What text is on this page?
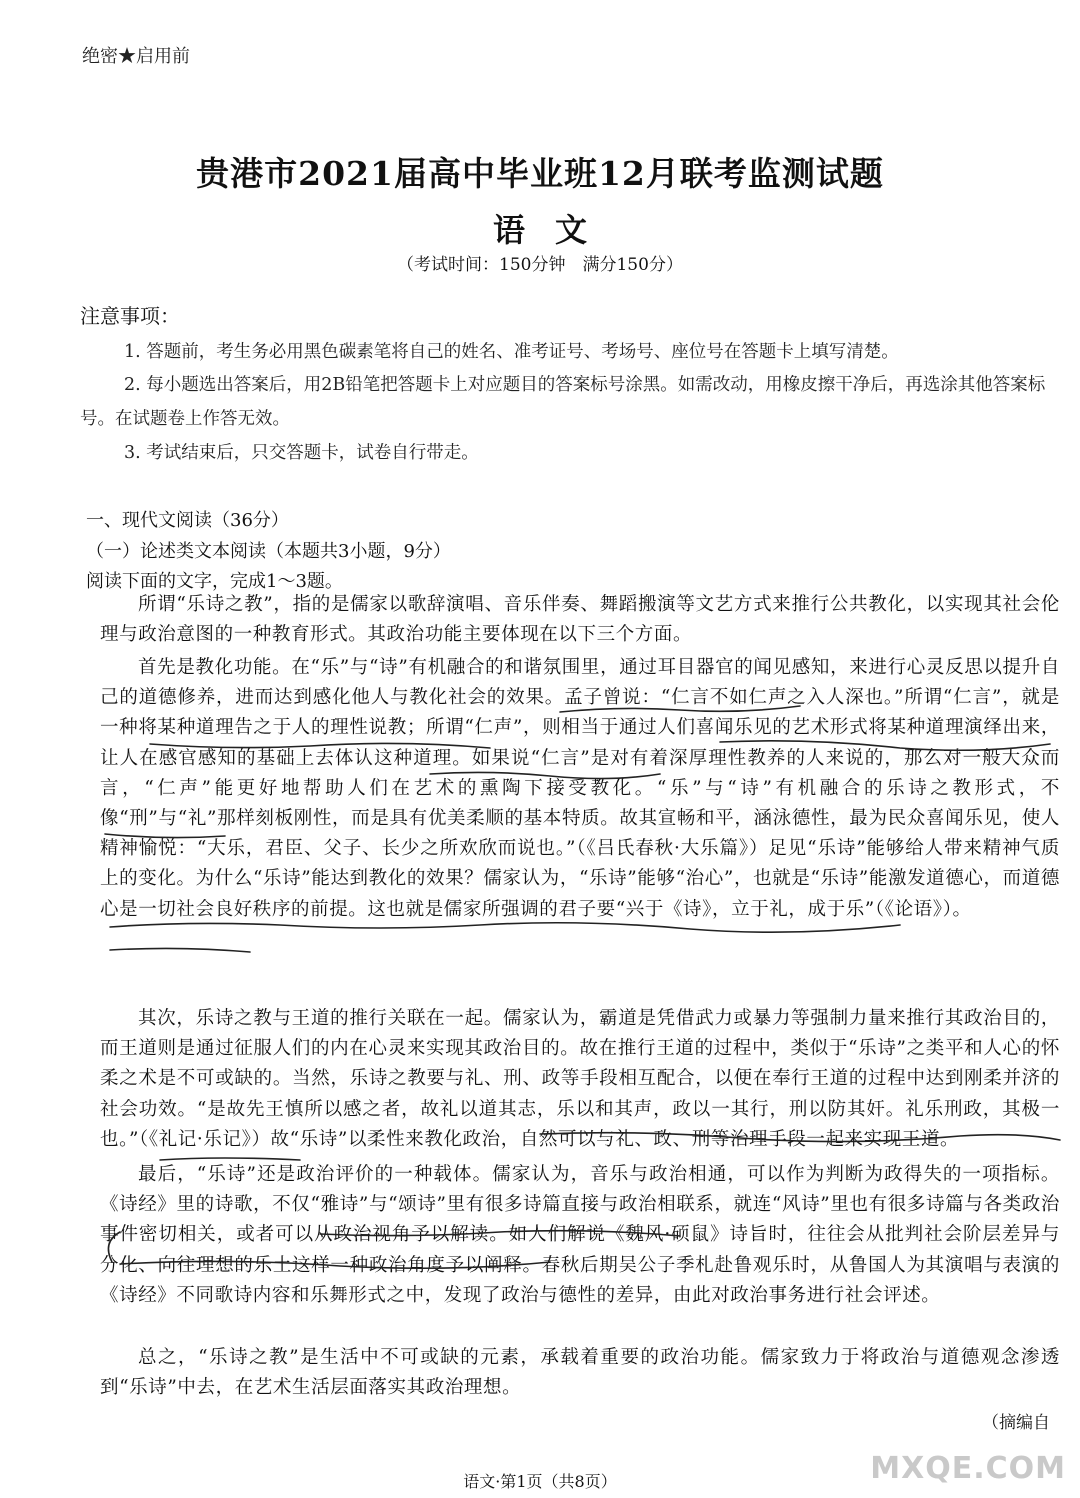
绝密★启用前
贵港市2021届高中毕业班12月联考监测试题
语文
（考试时间：150分钟　满分150分）
注意事项：
1. 答题前，考生务必用黑色碳素笔将自己的姓名、准考证号、考场号、座位号在答题卡上填写清楚。
2. 每小题选出答案后，用2B铅笔把答题卡上对应题目的答案标号涂黑。如需改动，用橡皮擦干净后，再选涂其他答案标号。在试题卷上作答无效。
3. 考试结束后，只交答题卡，试卷自行带走。
一、现代文阅读（36分）
（一）论述类文本阅读（本题共3小题，9分）
阅读下面的文字，完成1～3题。
所谓“乐诗之教”，指的是儒家以歌辞演唱、音乐伴奏、舞蹈搬演等文艺方式来推行公共教化，以实现其社会伦理与政治意图的一种教育形式。其政治功能主要体现在以下三个方面。
首先是教化功能。在“乐”与“诗”有机融合的和谐氛围里，通过耳目器官的闻见感知，来进行心灵反思以提升自己的道德修养，进而达到感化他人与教化社会的效果。孟子曾说：“仁言不如仁声之入人深也。”所谓“仁言”，就是一种将某种道理告之于人的理性说教；所谓“仁声”，则相当于通过人们喜闻乐见的艺术形式将某种道理演绎出来，让人在感官感知的基础上去体认这种道理。如果说“仁言”是对有着深厚理性教养的人来说的，那么对一般大众而言，“仁声”能更好地帮助人们在艺术的熏陶下接受教化。“乐”与“诗”有机融合的乐诗之教形式，不像“刑”与“礼”那样刻板刚性，而是具有优美柔顺的基本特质。故其宣畅和平，涵泳德性，最为民众喜闻乐见，使人精神愉悦：“大乐，君臣、父子、长少之所欢欣而说也。”（《吕氏春秋·大乐篇》）足见“乐诗”能够给人带来精神气质上的变化。为什么“乐诗”能达到教化的效果？儒家认为，“乐诗”能够“治心”，也就是“乐诗”能激发道德心，而道德心是一切社会良好秩序的前提。这也就是儒家所强调的君子要“兴于《诗》，立于礼，成于乐”（《论语》）。
其次，乐诗之教与王道的推行关联在一起。儒家认为，霸道是凭借武力或暴力等强制力量来推行其政治目的，而王道则是通过征服人们的内在心灵来实现其政治目的。故在推行王道的过程中，类似于“乐诗”之类平和人心的怀柔之术是不可或缺的。当然，乐诗之教要与礼、刑、政等手段相互配合，以便在奉行王道的过程中达到刚柔并济的社会功效。“是故先王慎所以感之者，故礼以道其志，乐以和其声，政以一其行，刑以防其奸。礼乐刑政，其极一也。”（《礼记·乐记》）故“乐诗”以柔性来教化政治，自然可以与礼、政、刑等治理手段一起来实现王道。
最后，“乐诗”还是政治评价的一种载体。儒家认为，音乐与政治相通，可以作为判断为政得失的一项指标。《诗经》里的诗歌，不仅“雅诗”与“颂诗”里有很多诗篇直接与政治相联系，就连“风诗”里也有很多诗篇与各类政治事件密切相关，或者可以从政治视角予以解读。如人们解说《魏风·硕鼠》诗旨时，往往会从批判社会阶层差异与分化、向往理想的乐土这样一种政治角度予以阐释。春秋后期吴公子季札赴鲁观乐时，从鲁国人为其演唱与表演的《诗经》不同歌诗内容和乐舞形式之中，发现了政治与德性的差异，由此对政治事务进行社会评述。
总之，“乐诗之教”是生活中不可或缺的元素，承载着重要的政治功能。儒家致力于将政治与道德观念渗透到“乐诗”中去，在艺术生活层面落实其政治理想。
（摘编自
语文·第1页（共8页）	MXQE.COM
